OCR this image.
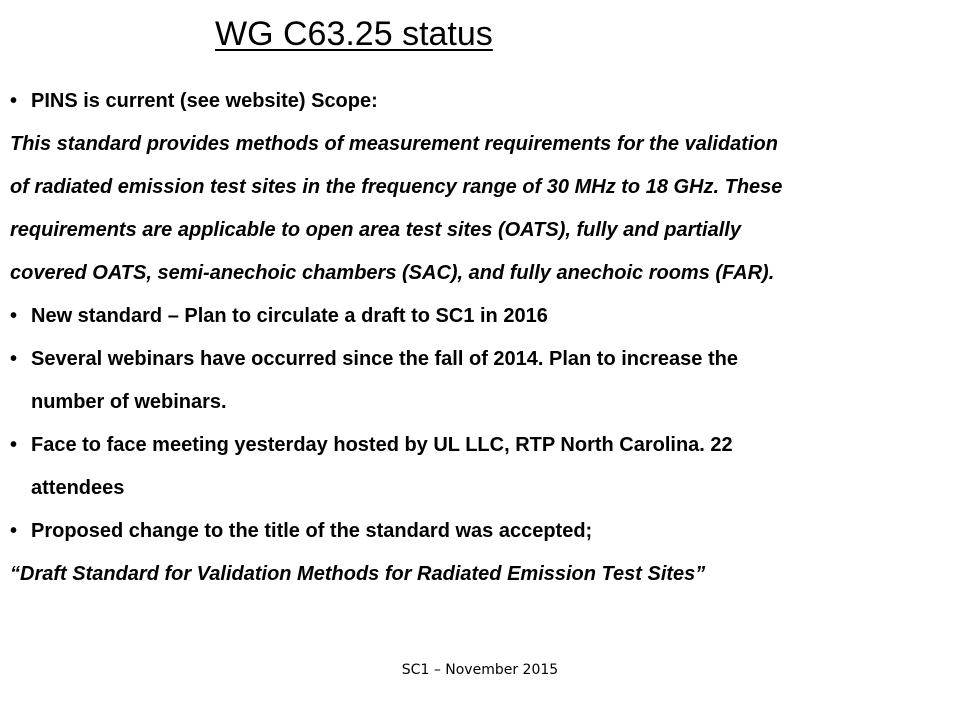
WG C63.25 status

• PINS is current (see website) Scope:

This standard provides methods of measurement requirements for the validation
of radiated emission test sites in the frequency range of 30 MHz to 18 GHz. These
requirements are applicable to open area test sites (OATS), fully and partially
covered OATS, semi-anechoic chambers (SAC), and fully anechoic rooms (FAR).

• New standard – Plan to circulate a draft to SC1 in 2016

• Several webinars have occurred since the fall of 2014. Plan to increase the
number of webinars.
• Face to face meeting yesterday hosted by UL LLC, RTP North Carolina. 22
attendees

• Proposed change to the title of the standard was accepted;

“Draft Standard for Validation Methods for Radiated Emission Test Sites”

SC1 – November 2015
